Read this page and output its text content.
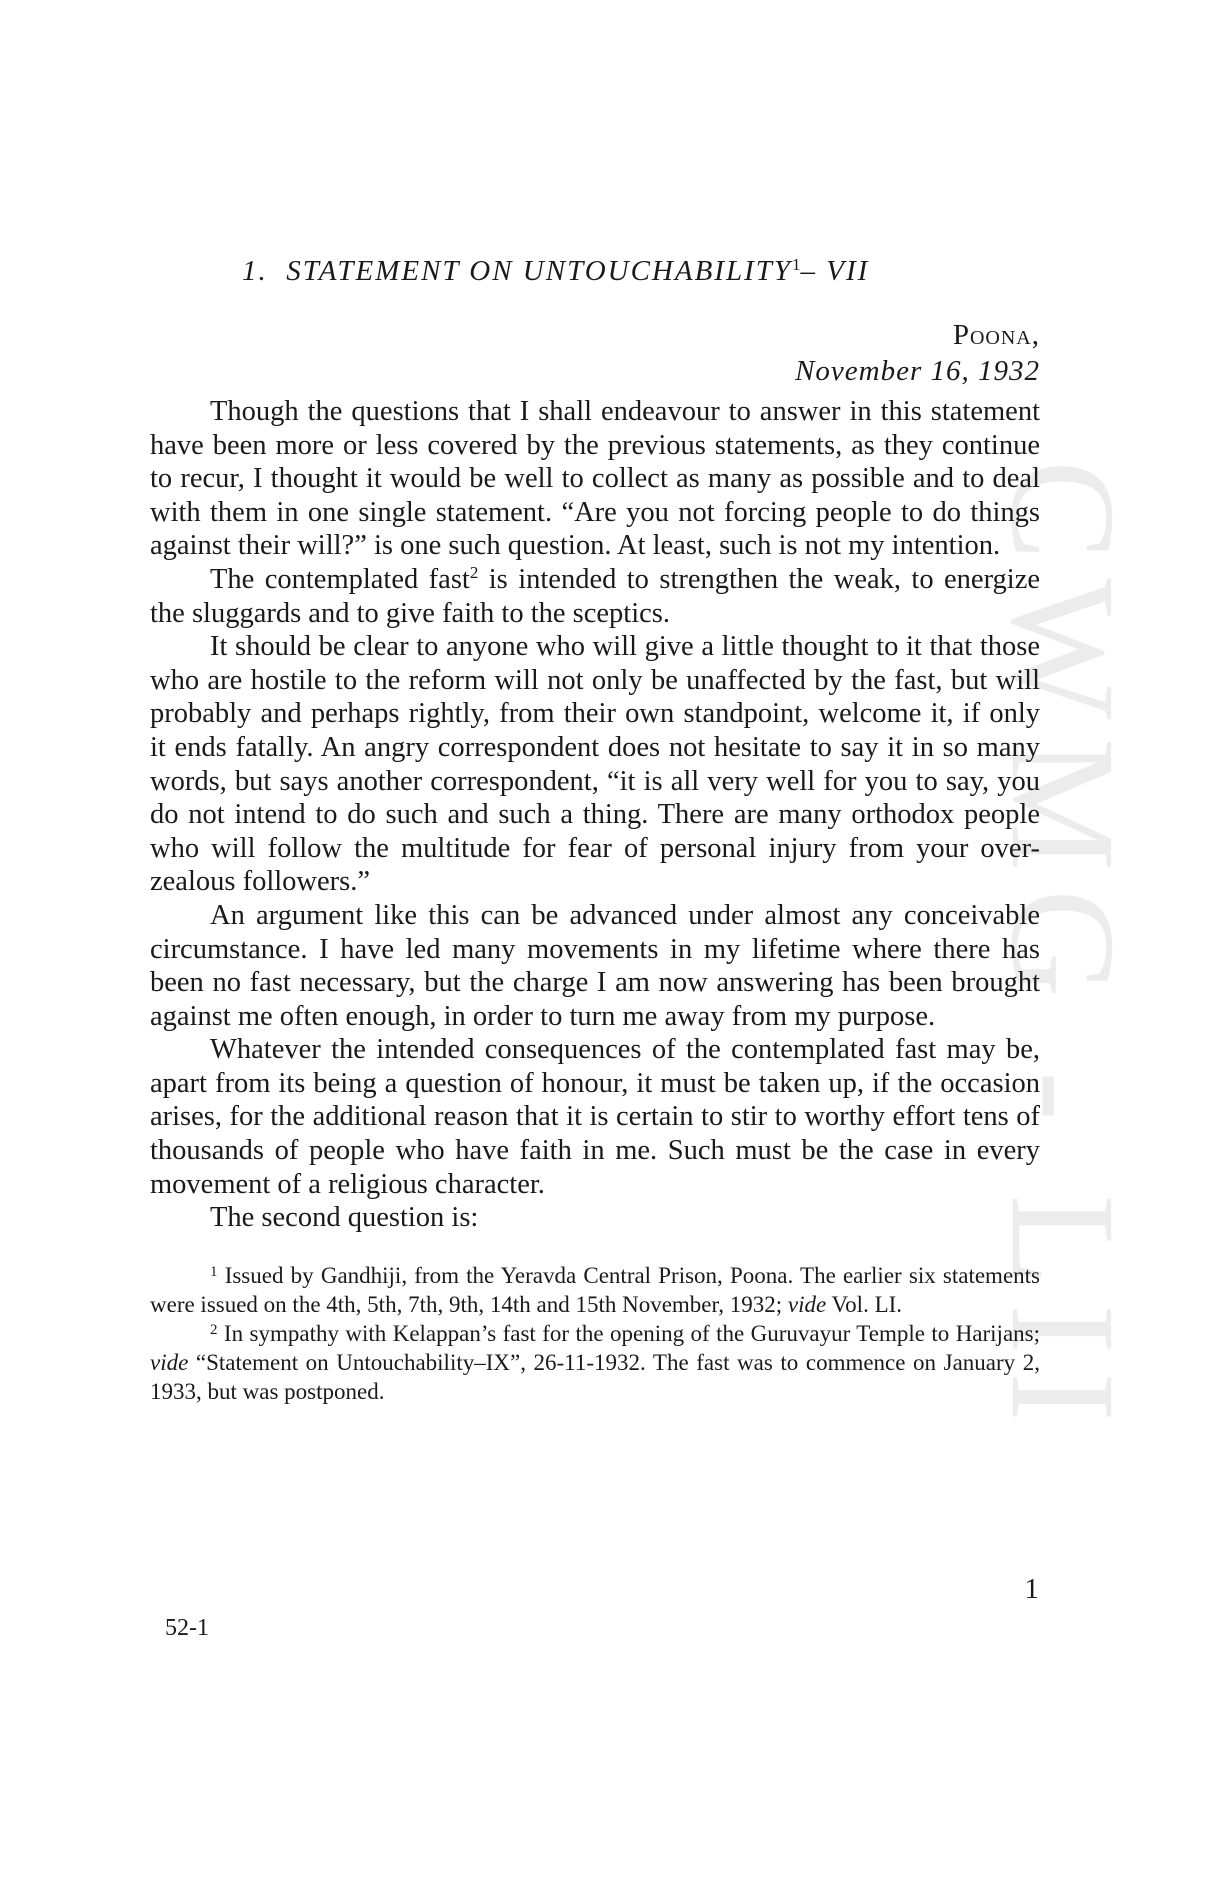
CWMG - LII
1. STATEMENT ON UNTOUCHABILITY$^1$– VII
Poona,
November 16, 1932

Though the questions that I shall endeavour to answer in this statement have been more or less covered by the previous statements, as they continue to recur, I thought it would be well to collect as many as possible and to deal with them in one single statement. “Are you not forcing people to do things against their will?” is one such question. At least, such is not my intention.

The contemplated fast$^2$ is intended to strengthen the weak, to energize the sluggards and to give faith to the sceptics.

It should be clear to anyone who will give a little thought to it that those who are hostile to the reform will not only be unaffected by the fast, but will probably and perhaps rightly, from their own standpoint, welcome it, if only it ends fatally. An angry correspondent does not hesitate to say it in so many words, but says another correspondent, “it is all very well for you to say, you do not intend to do such and such a thing. There are many orthodox people who will follow the multitude for fear of personal injury from your over-zealous followers.”

An argument like this can be advanced under almost any conceivable circumstance. I have led many movements in my lifetime where there has been no fast necessary, but the charge I am now answering has been brought against me often enough, in order to turn me away from my purpose.

Whatever the intended consequences of the contemplated fast may be, apart from its being a question of honour, it must be taken up, if the occasion arises, for the additional reason that it is certain to stir to worthy effort tens of thousands of people who have faith in me. Such must be the case in every movement of a religious character.

The second question is:

$^1$ Issued by Gandhiji, from the Yeravda Central Prison, Poona. The earlier six statements were issued on the 4th, 5th, 7th, 9th, 14th and 15th November, 1932; vide Vol. LI.

$^2$ In sympathy with Kelappan’s fast for the opening of the Guruvayur Temple to Harijans; vide “Statement on Untouchability–IX”, 26-11-1932. The fast was to commence on January 2, 1933, but was postponed.

1
52-1
